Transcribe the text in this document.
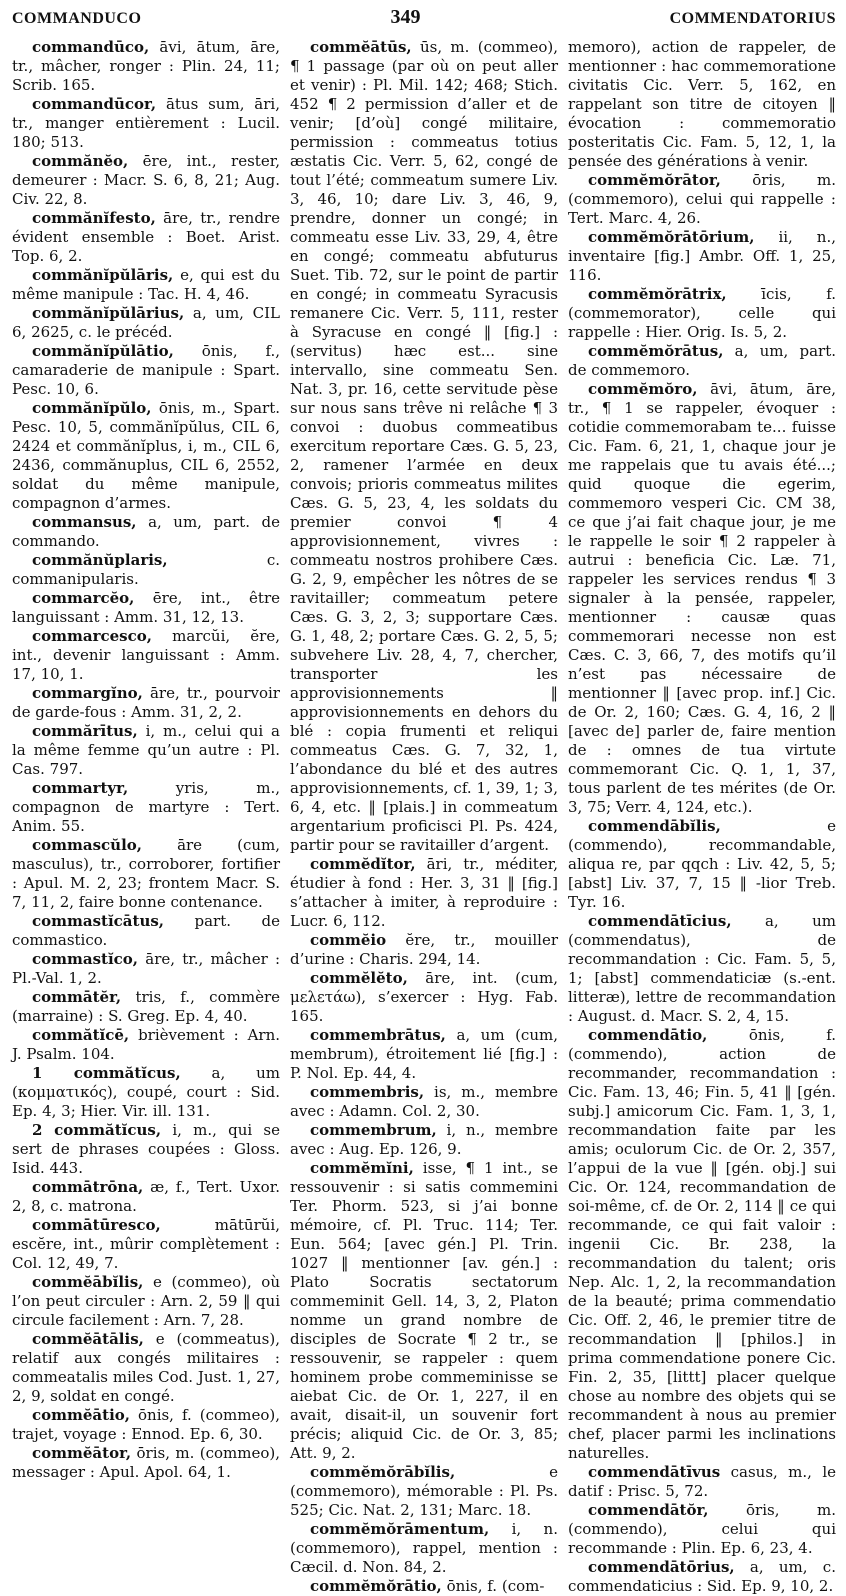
COMMANDUCO	349	COMMENDATORIUS

commandūco, āvi, ātum, āre, tr., mâcher, ronger : Plin. 24, 11; Scrib. 165.

commandūcor, ātus sum, āri, tr., manger entièrement : Lucil. 180; 513.

commănĕo, ēre, int., rester, demeurer : Macr. S. 6, 8, 21; Aug. Civ. 22, 8.

commănĭfesto, āre, tr., rendre évident ensemble : Boet. Arist. Top. 6, 2.

commănĭpŭlāris, e, qui est du même manipule : Tac. H. 4, 46.

commănĭpŭlārius, a, um, CIL 6, 2625, c. le précéd.

commănĭpŭlātio, ōnis, f., camaraderie de manipule : Spart. Pesc. 10, 6.

commănĭpŭlo, ōnis, m., Spart. Pesc. 10, 5, commănĭpŭlus, CIL 6, 2424 et commănĭplus, i, m., CIL 6, 2436, commănuplus, CIL 6, 2552, soldat du même manipule, compagnon d’armes.

commansus, a, um, part. de commando.

commănŭplaris,	c. commanipularis.

commarcĕo, ēre, int., être languissant : Amm. 31, 12, 13.

commarcesco, marcŭi, ĕre, int., devenir languissant : Amm. 17, 10, 1.

commargĭno, āre, tr., pourvoir de garde-fous : Amm. 31, 2, 2.

commărītus, i, m., celui qui a la même femme qu’un autre : Pl. Cas. 797.

commartyr,	yris, m., compagnon de martyre : Tert. Anim. 55.

commascŭlo, āre (cum, masculus), tr., corroborer, fortifier : Apul. M. 2, 23; frontem Macr. S. 7, 11, 2, faire bonne contenance.

commastĭcātus, part. de commastico.

commastĭco, āre, tr., mâcher : Pl.-Val. 1, 2.

commātĕr, tris, f., commère (marraine) : S. Greg. Ep. 4, 40.

commătĭcē, brièvement : Arn. J. Psalm. 104.

1 commătĭcus, a, um (κομματικός), coupé, court : Sid. Ep. 4, 3; Hier. Vir. ill. 131.

2 commătĭcus, i, m., qui se sert de phrases coupées : Gloss. Isid. 443.

commātrōna, æ, f., Tert. Uxor. 2, 8, c. matrona.

commātūresco,	mātūrŭi, escĕre, int., mûrir complètement : Col. 12, 49, 7.

commĕābĭlis, e (commeo), où l’on peut circuler : Arn. 2, 59 ‖ qui circule facilement : Arn. 7, 28.

commĕātālis, e (commeatus), relatif aux congés militaires : commeatalis miles Cod. Just. 1, 27, 2, 9, soldat en congé.

commĕātio, ōnis, f. (commeo), trajet, voyage : Ennod. Ep. 6, 30.

commĕātor, ōris, m. (commeo), messager : Apul. Apol. 64, 1.

commĕātūs, ūs, m. (commeo), ¶ 1 passage (par où on peut aller et venir) : Pl. Mil. 142; 468; Stich. 452 ¶ 2 permission d’aller et de venir; [d’où] congé militaire, permission : commeatus totius æstatis Cic. Verr. 5, 62, congé de tout l’été; commeatum sumere Liv. 3, 46, 10; dare Liv. 3, 46, 9, prendre, donner un congé; in commeatu esse Liv. 33, 29, 4, être en congé; commeatu abfuturus Suet. Tib. 72, sur le point de partir en congé; in commeatu Syracusis remanere Cic. Verr. 5, 111, rester à Syracuse en congé ‖ [fig.] : (servitus) hæc est... sine intervallo, sine commeatu Sen. Nat. 3, pr. 16, cette servitude pèse sur nous sans trêve ni relâche ¶ 3 convoi : duobus commeatibus exercitum reportare Cæs. G. 5, 23, 2, ramener l’armée en deux convois; prioris commeatus milites Cæs. G. 5, 23, 4, les soldats du premier convoi ¶ 4 approvisionnement, vivres : commeatu nostros prohibere Cæs. G. 2, 9, empêcher les nôtres de se ravitailler; commeatum petere Cæs. G. 3, 2, 3; supportare Cæs. G. 1, 48, 2; portare Cæs. G. 2, 5, 5; subvehere Liv. 28, 4, 7, chercher, transporter les approvisionnements ‖ approvisionnements en dehors du blé : copia frumenti et reliqui commeatus Cæs. G. 7, 32, 1, l’abondance du blé et des autres approvisionnements, cf. 1, 39, 1; 3, 6, 4, etc. ‖ [plais.] in commeatum argentarium proficisci Pl. Ps. 424, partir pour se ravitailler d’argent.

commĕdĭtor, āri, tr., méditer, étudier à fond : Her. 3, 31 ‖ [fig.] s’attacher à imiter, à reproduire : Lucr. 6, 112.

commĕio ĕre, tr., mouiller d’urine : Charis. 294, 14.

commĕlĕto, āre, int. (cum, μελετάω), s’exercer : Hyg. Fab. 165.

commembrātus, a, um (cum, membrum), étroitement lié [fig.] : P. Nol. Ep. 44, 4.

commembris, is, m., membre avec : Adamn. Col. 2, 30.

commembrum, i, n., membre avec : Aug. Ep. 126, 9.

commĕmĭni, isse, ¶ 1 int., se ressouvenir : si satis commemini Ter. Phorm. 523, si j’ai bonne mémoire, cf. Pl. Truc. 114; Ter. Eun. 564; [avec gén.] Pl. Trin. 1027 ‖ mentionner [av. gén.] : Plato Socratis sectatorum commeminit Gell. 14, 3, 2, Platon nomme un grand nombre de disciples de Socrate ¶ 2 tr., se ressouvenir, se rappeler : quem hominem probe commeminisse se aiebat Cic. de Or. 1, 227, il en avait, disait-il, un souvenir fort précis; aliquid Cic. de Or. 3, 85; Att. 9, 2.

commĕmŏrābĭlis,	e (commemoro), mémorable : Pl. Ps. 525; Cic. Nat. 2, 131; Marc. 18.

commĕmŏrāmentum, i, n. (commemoro), rappel, mention : Cæcil. d. Non. 84, 2.

commĕmŏrātio, ōnis, f. (com-

memoro), action de rappeler, de mentionner : hac commemoratione civitatis Cic. Verr. 5, 162, en rappelant son titre de citoyen ‖ évocation : commemoratio posteritatis Cic. Fam. 5, 12, 1, la pensée des générations à venir.

commĕmŏrātor, ōris, m. (commemoro), celui qui rappelle : Tert. Marc. 4, 26.

commĕmŏrātōrium, ii, n., inventaire [fig.] Ambr. Off. 1, 25, 116.

commĕmŏrātrix, īcis, f. (commemorator), celle qui rappelle : Hier. Orig. Is. 5, 2.

commĕmŏrātus, a, um, part. de commemoro.

commĕmŏro, āvi, ātum, āre, tr., ¶ 1 se rappeler, évoquer : cotidie commemorabam te... fuisse Cic. Fam. 6, 21, 1, chaque jour je me rappelais que tu avais été...; quid quoque die egerim, commemoro vesperi Cic. CM 38, ce que j’ai fait chaque jour, je me le rappelle le soir ¶ 2 rappeler à autrui : beneficia Cic. Læ. 71, rappeler les services rendus ¶ 3 signaler à la pensée, rappeler, mentionner : causæ quas commemorari necesse non est Cæs. C. 3, 66, 7, des motifs qu’il n’est pas nécessaire de mentionner ‖ [avec prop. inf.] Cic. de Or. 2, 160; Cæs. G. 4, 16, 2 ‖ [avec de] parler de, faire mention de : omnes de tua virtute commemorant Cic. Q. 1, 1, 37, tous parlent de tes mérites (de Or. 3, 75; Verr. 4, 124, etc.).

commendābĭlis,	e (commendo), recommandable, aliqua re, par qqch : Liv. 42, 5, 5; [abst] Liv. 37, 7, 15 ‖ -lior Treb. Tyr. 16.

commendātīcius, a, um (commendatus), de recommandation : Cic. Fam. 5, 5, 1; [abst] commendaticiæ (s.-ent. litteræ), lettre de recommandation : August. d. Macr. S. 2, 4, 15.

commendātio,	ōnis, f. (commendo), action de recommander, recommandation : Cic. Fam. 13, 46; Fin. 5, 41 ‖ [gén. subj.] amicorum Cic. Fam. 1, 3, 1, recommandation faite par les amis; oculorum Cic. de Or. 2, 357, l’appui de la vue ‖ [gén. obj.] sui Cic. Or. 124, recommandation de soi-même, cf. de Or. 2, 114 ‖ ce qui recommande, ce qui fait valoir : ingenii Cic. Br. 238, la recommandation du talent; oris Nep. Alc. 1, 2, la recommandation de la beauté; prima commendatio Cic. Off. 2, 46, le premier titre de recommandation ‖ [philos.] in prima commendatione ponere Cic. Fin. 2, 35, [littt] placer quelque chose au nombre des objets qui se recommandent à nous au premier chef, placer parmi les inclinations naturelles.

commendātīvus casus, m., le datif : Prisc. 5, 72.

commendātŏr,	ōris, m. (commendo), celui qui recommande : Plin. Ep. 6, 23, 4.

commendātōrius, a, um, c. commendaticius : Sid. Ep. 9, 10, 2.
